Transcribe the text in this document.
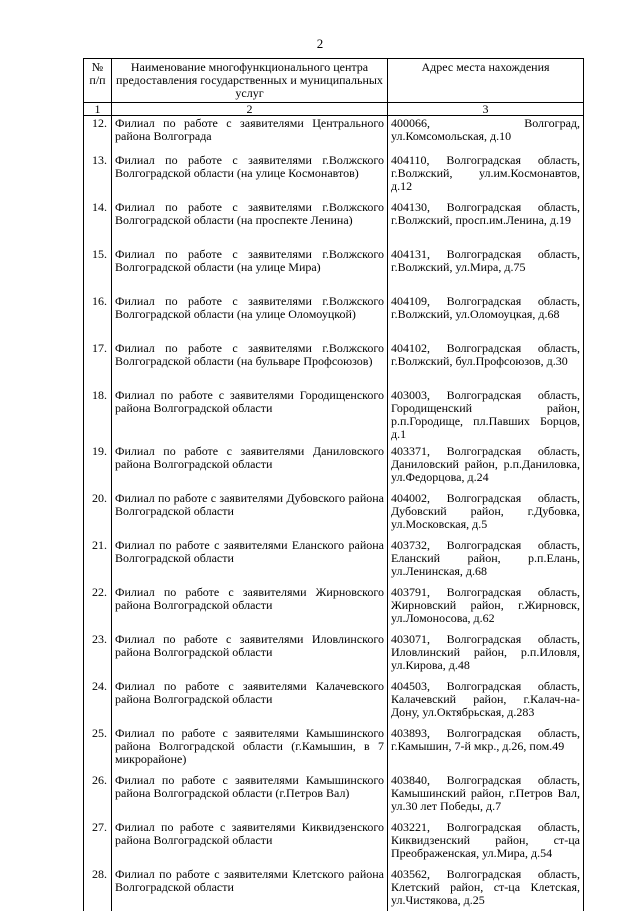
2
№ п/п	Наименование многофункционального центра предоставления государственных и муниципальных услуг	Адрес места нахождения
1	2	3
12.	Филиал по работе с заявителями Центрального района Волгограда	400066, Волгоград, ул.Комсомольская, д.10
13.	Филиал по работе с заявителями г.Волжского Волгоградской области (на улице Космонавтов)	404110, Волгоградская область, г.Волжский, ул.им.Космонавтов, д.12
14.	Филиал по работе с заявителями г.Волжского Волгоградской области (на проспекте Ленина)	404130, Волгоградская область, г.Волжский, просп.им.Ленина, д.19
15.	Филиал по работе с заявителями г.Волжского Волгоградской области (на улице Мира)	404131, Волгоградская область, г.Волжский, ул.Мира, д.75
16.	Филиал по работе с заявителями г.Волжского Волгоградской области (на улице Оломоуцкой)	404109, Волгоградская область, г.Волжский, ул.Оломоуцкая, д.68
17.	Филиал по работе с заявителями г.Волжского Волгоградской области (на бульваре Профсоюзов)	404102, Волгоградская область, г.Волжский, бул.Профсоюзов, д.30
18.	Филиал по работе с заявителями Городищенского района Волгоградской области	403003, Волгоградская область, Городищенский район, р.п.Городище, пл.Павших Борцов, д.1
19.	Филиал по работе с заявителями Даниловского района Волгоградской области	403371, Волгоградская область, Даниловский район, р.п.Даниловка, ул.Федорцова, д.24
20.	Филиал по работе с заявителями Дубовского района Волгоградской области	404002, Волгоградская область, Дубовский район, г.Дубовка, ул.Московская, д.5
21.	Филиал по работе с заявителями Еланского района Волгоградской области	403732, Волгоградская область, Еланский район, р.п.Елань, ул.Ленинская, д.68
22.	Филиал по работе с заявителями Жирновского района Волгоградской области	403791, Волгоградская область, Жирновский район, г.Жирновск, ул.Ломоносова, д.62
23.	Филиал по работе с заявителями Иловлинского района Волгоградской области	403071, Волгоградская область, Иловлинский район, р.п.Иловля, ул.Кирова, д.48
24.	Филиал по работе с заявителями Калачевского района Волгоградской области	404503, Волгоградская область, Калачевский район, г.Калач-на-Дону, ул.Октябрьская, д.283
25.	Филиал по работе с заявителями Камышинского района Волгоградской области (г.Камышин, в 7 микрорайоне)	403893, Волгоградская область, г.Камышин, 7-й мкр., д.26, пом.49
26.	Филиал по работе с заявителями Камышинского района Волгоградской области (г.Петров Вал)	403840, Волгоградская область, Камышинский район, г.Петров Вал, ул.30 лет Победы, д.7
27.	Филиал по работе с заявителями Киквидзенского района Волгоградской области	403221, Волгоградская область, Киквидзенский район, ст-ца Преображенская, ул.Мира, д.54
28.	Филиал по работе с заявителями Клетского района Волгоградской области	403562, Волгоградская область, Клетский район, ст-ца Клетская, ул.Чистякова, д.25
